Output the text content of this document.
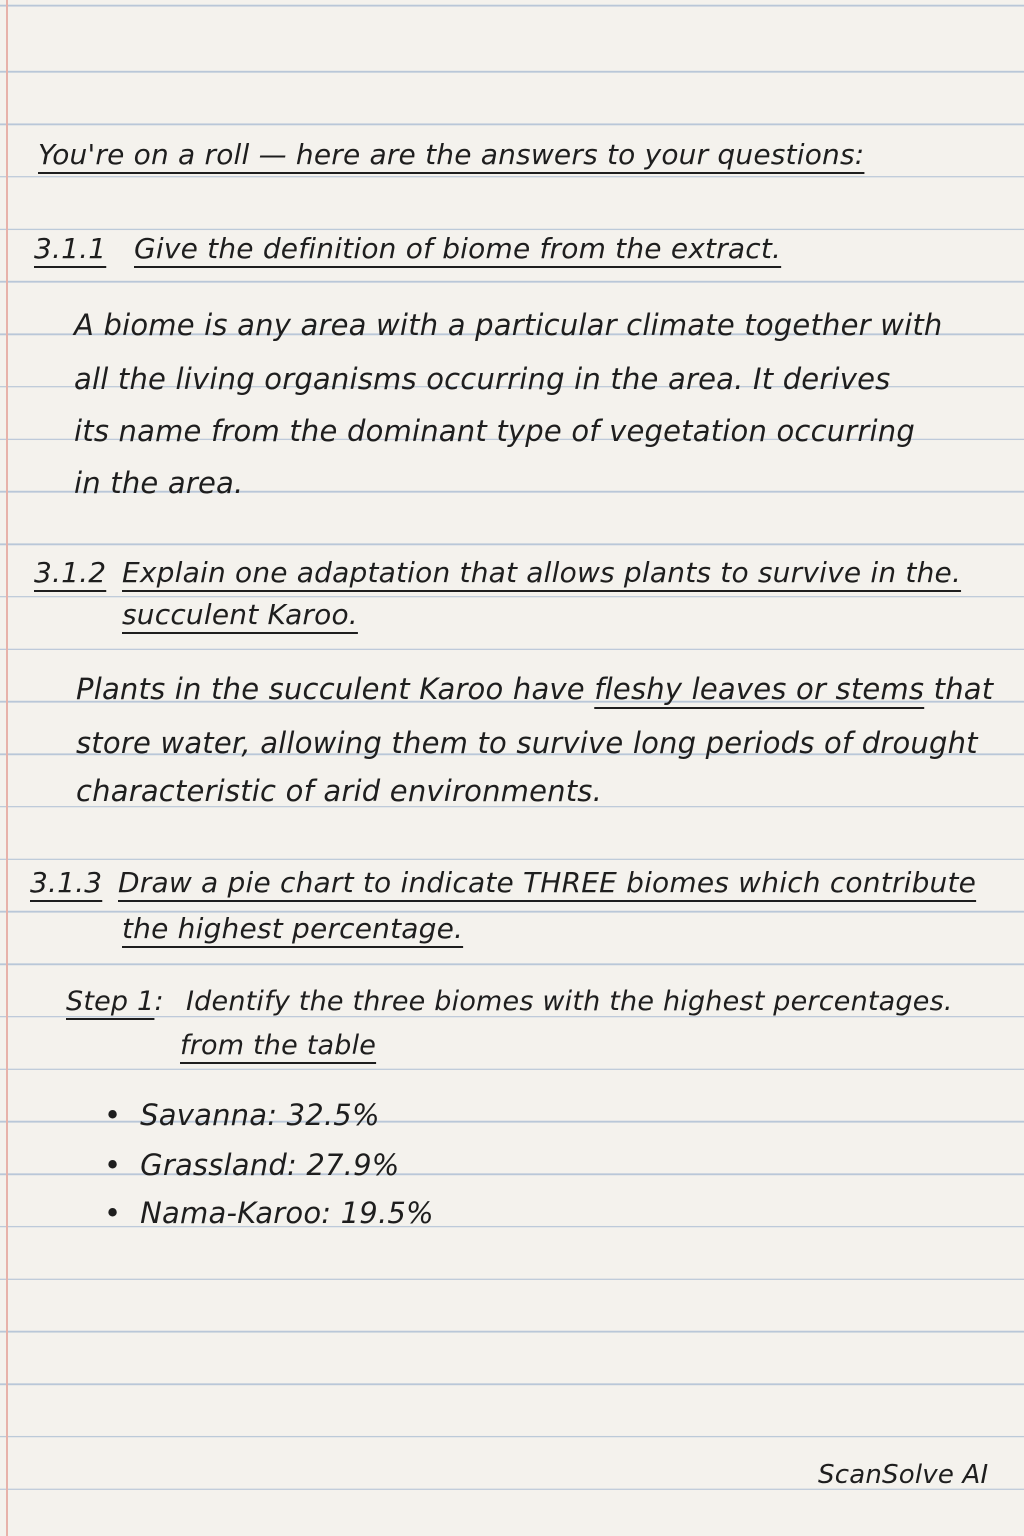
You're on a roll — here are the answers to your questions:
3.1.1 Give the definition of biome from the extract.
A biome is any area with a particular climate together with
all the living organisms occurring in the area. It derives
its name from the dominant type of vegetation occurring
in the area.
3.1.2 Explain one adaptation that allows plants to survive in the.
succulent Karoo.
Plants in the succulent Karoo have fleshy leaves or stems that
store water, allowing them to survive long periods of drought
characteristic of arid environments.
3.1.3 Draw a pie chart to indicate THREE biomes which contribute
the highest percentage.
Step 1: Identify the three biomes with the highest percentages.
from the table
•  Savanna: 32.5%
•  Grassland: 27.9%
•  Nama-Karoo: 19.5%
ScanSolve AI
